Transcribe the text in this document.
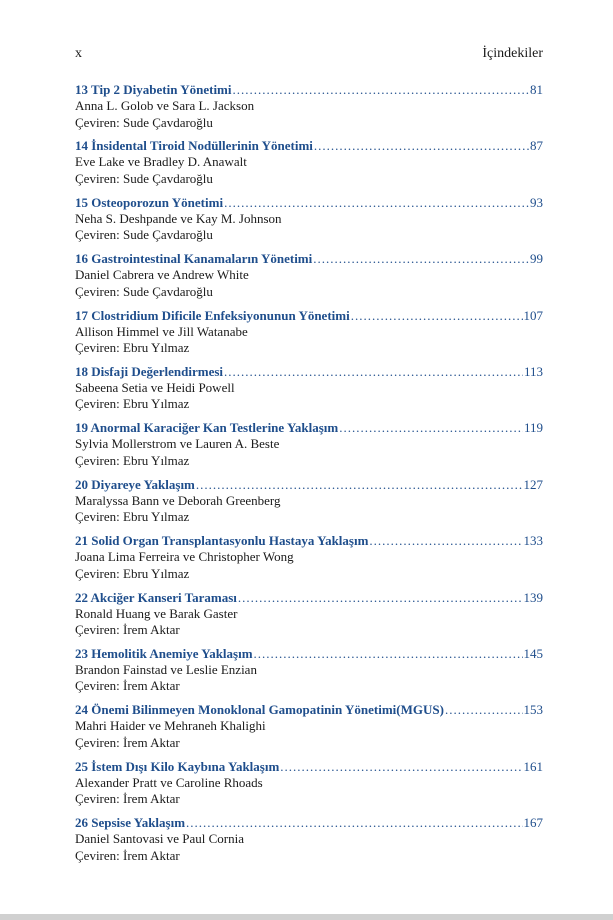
x	İçindekiler
13 Tip 2 Diyabetin Yönetimi .....	81
Anna L. Golob ve Sara L. Jackson
Çeviren: Sude Çavdaroğlu
14 İnsidental Tiroid Nodüllerinin Yönetimi .....	87
Eve Lake ve Bradley D. Anawalt
Çeviren: Sude Çavdaroğlu
15 Osteoporozun Yönetimi .....	93
Neha S. Deshpande ve Kay M. Johnson
Çeviren: Sude Çavdaroğlu
16 Gastrointestinal Kanamaların Yönetimi .....	99
Daniel Cabrera ve Andrew White
Çeviren: Sude Çavdaroğlu
17 Clostridium Dificile Enfeksiyonunun Yönetimi .....	107
Allison Himmel ve Jill Watanabe
Çeviren: Ebru Yılmaz
18 Disfaji Değerlendirmesi .....	113
Sabeena Setia ve Heidi Powell
Çeviren: Ebru Yılmaz
19 Anormal Karaciğer Kan Testlerine Yaklaşım .....	119
Sylvia Mollerstrom ve Lauren A. Beste
Çeviren: Ebru Yılmaz
20 Diyareye Yaklaşım .....	127
Maralyssa Bann ve Deborah Greenberg
Çeviren: Ebru Yılmaz
21 Solid Organ Transplantasyonlu Hastaya Yaklaşım .....	133
Joana Lima Ferreira ve Christopher Wong
Çeviren: Ebru Yılmaz
22 Akciğer Kanseri Taraması .....	139
Ronald Huang ve Barak Gaster
Çeviren: İrem Aktar
23 Hemolitik Anemiye Yaklaşım .....	145
Brandon Fainstad ve Leslie Enzian
Çeviren: İrem Aktar
24 Önemi Bilinmeyen Monoklonal Gamopatinin Yönetimi(MGUS) .....	153
Mahri Haider ve Mehraneh Khalighi
Çeviren: İrem Aktar
25 İstem Dışı Kilo Kaybına Yaklaşım .....	161
Alexander Pratt ve Caroline Rhoads
Çeviren: İrem Aktar
26 Sepsise Yaklaşım .....	167
Daniel Santovasi ve Paul Cornia
Çeviren: İrem Aktar
